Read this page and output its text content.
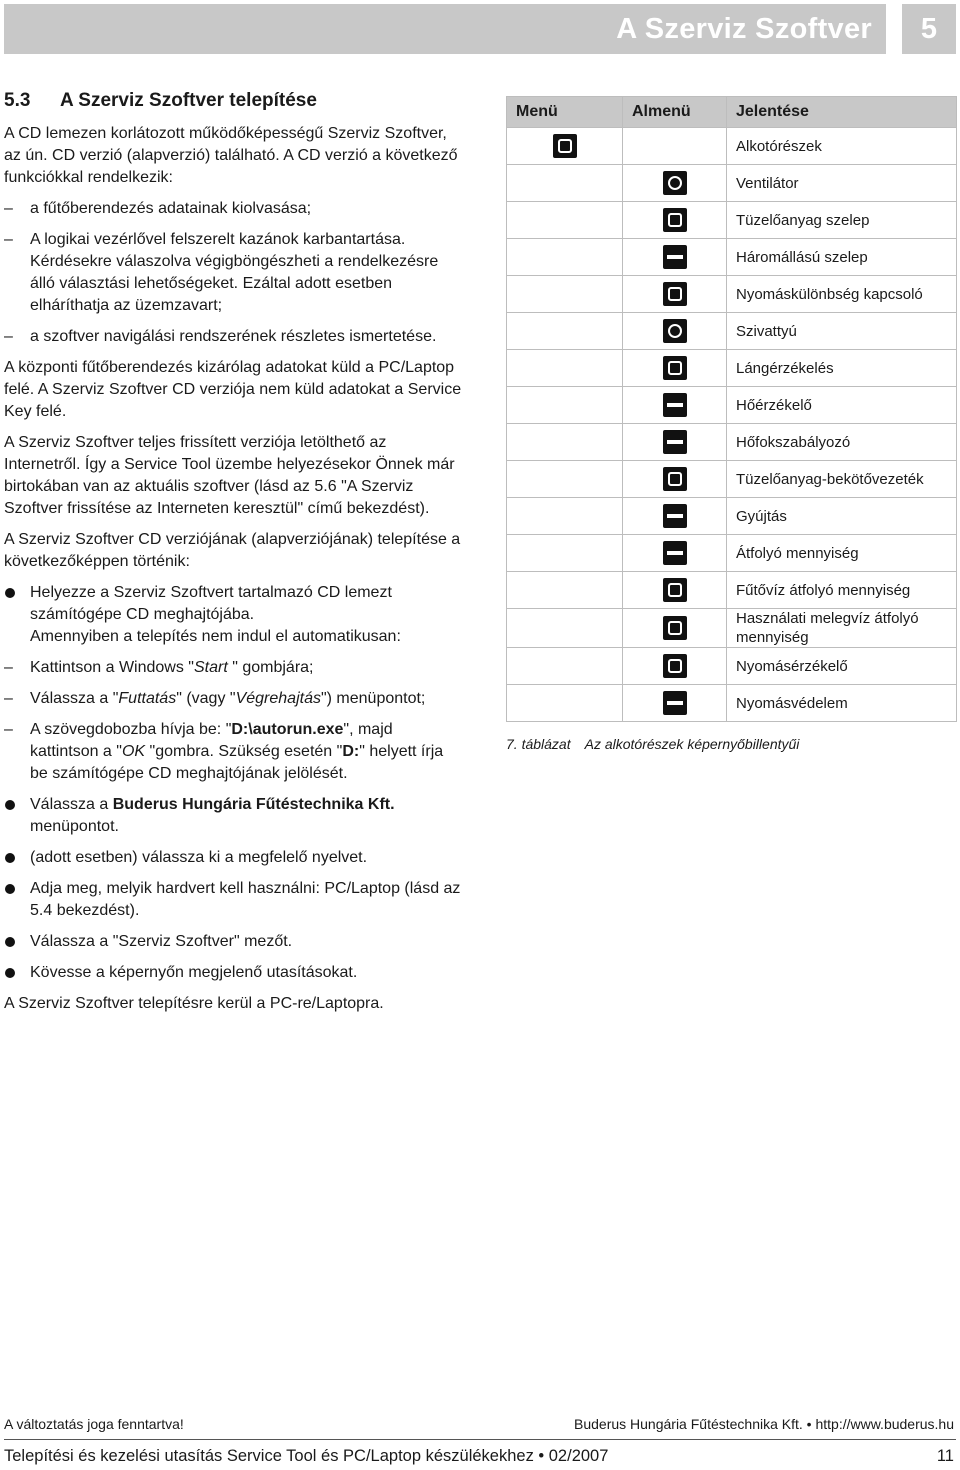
A Szerviz Szoftver	5
5.3 A Szerviz Szoftver telepítése

A CD lemezen korlátozott működőképességű Szerviz Szoftver, az ún. CD verzió (alapverzió) található. A CD verzió a következő funkciókkal rendelkezik:

– a fűtőberendezés adatainak kiolvasása;
– A logikai vezérlővel felszerelt kazánok karbantartása. Kérdésekre válaszolva végigböngészheti a rendelkezésre álló választási lehetőségeket. Ezáltal adott esetben elháríthatja az üzemzavart;
– a szoftver navigálási rendszerének részletes ismertetése.

A központi fűtőberendezés kizárólag adatokat küld a PC/Laptop felé. A Szerviz Szoftver CD verziója nem küld adatokat a Service Key felé.

A Szerviz Szoftver teljes frissített verziója letölthető az Internetről. Így a Service Tool üzembe helyezésekor Önnek már birtokában van az aktuális szoftver (lásd az 5.6 "A Szerviz Szoftver frissítése az Interneten keresztül" című bekezdést).

A Szerviz Szoftver CD verziójának (alapverziójának) telepítése a következőképpen történik:

Helyezze a Szerviz Szoftvert tartalmazó CD lemezt számítógépe CD meghajtójába.
Amennyiben a telepítés nem indul el automatikusan:
– Kattintson a Windows "Start " gombjára;
– Válassza a "Futtatás" (vagy "Végrehajtás") menüpontot;
– A szövegdobozba hívja be: "D:\autorun.exe", majd kattintson a "OK "gombra. Szükség esetén "D:" helyett írja be számítógépe CD meghajtójának jelölését.
Válassza a Buderus Hungária Fűtéstechnika Kft. menüpontot.
(adott esetben) válassza ki a megfelelő nyelvet.
Adja meg, melyik hardvert kell használni: PC/Laptop (lásd az 5.4 bekezdést).
Válassza a "Szerviz Szoftver" mezőt.
Kövesse a képernyőn megjelenő utasításokat.

A Szerviz Szoftver telepítésre kerül a PC-re/Laptopra.

Menü	Almenü	Jelentése
		Alkotórészek
		Ventilátor
		Tüzelőanyag szelep
		Háromállású szelep
		Nyomáskülönbség kapcsoló
		Szivattyú
		Lángérzékelés
		Hőérzékelő
		Hőfokszabályozó
		Tüzelőanyag-bekötővezeték
		Gyújtás
		Átfolyó mennyiség
		Fűtővíz átfolyó mennyiség
		Használati melegvíz átfolyó mennyiség
		Nyomásérzékelő
		Nyomásvédelem
7. táblázat Az alkotórészek képernyőbillentyűi
A változtatás joga fenntartva!	Buderus Hungária Fűtéstechnika Kft. • http://www.buderus.hu
Telepítési és kezelési utasítás Service Tool és PC/Laptop készülékekhez • 02/2007	11
